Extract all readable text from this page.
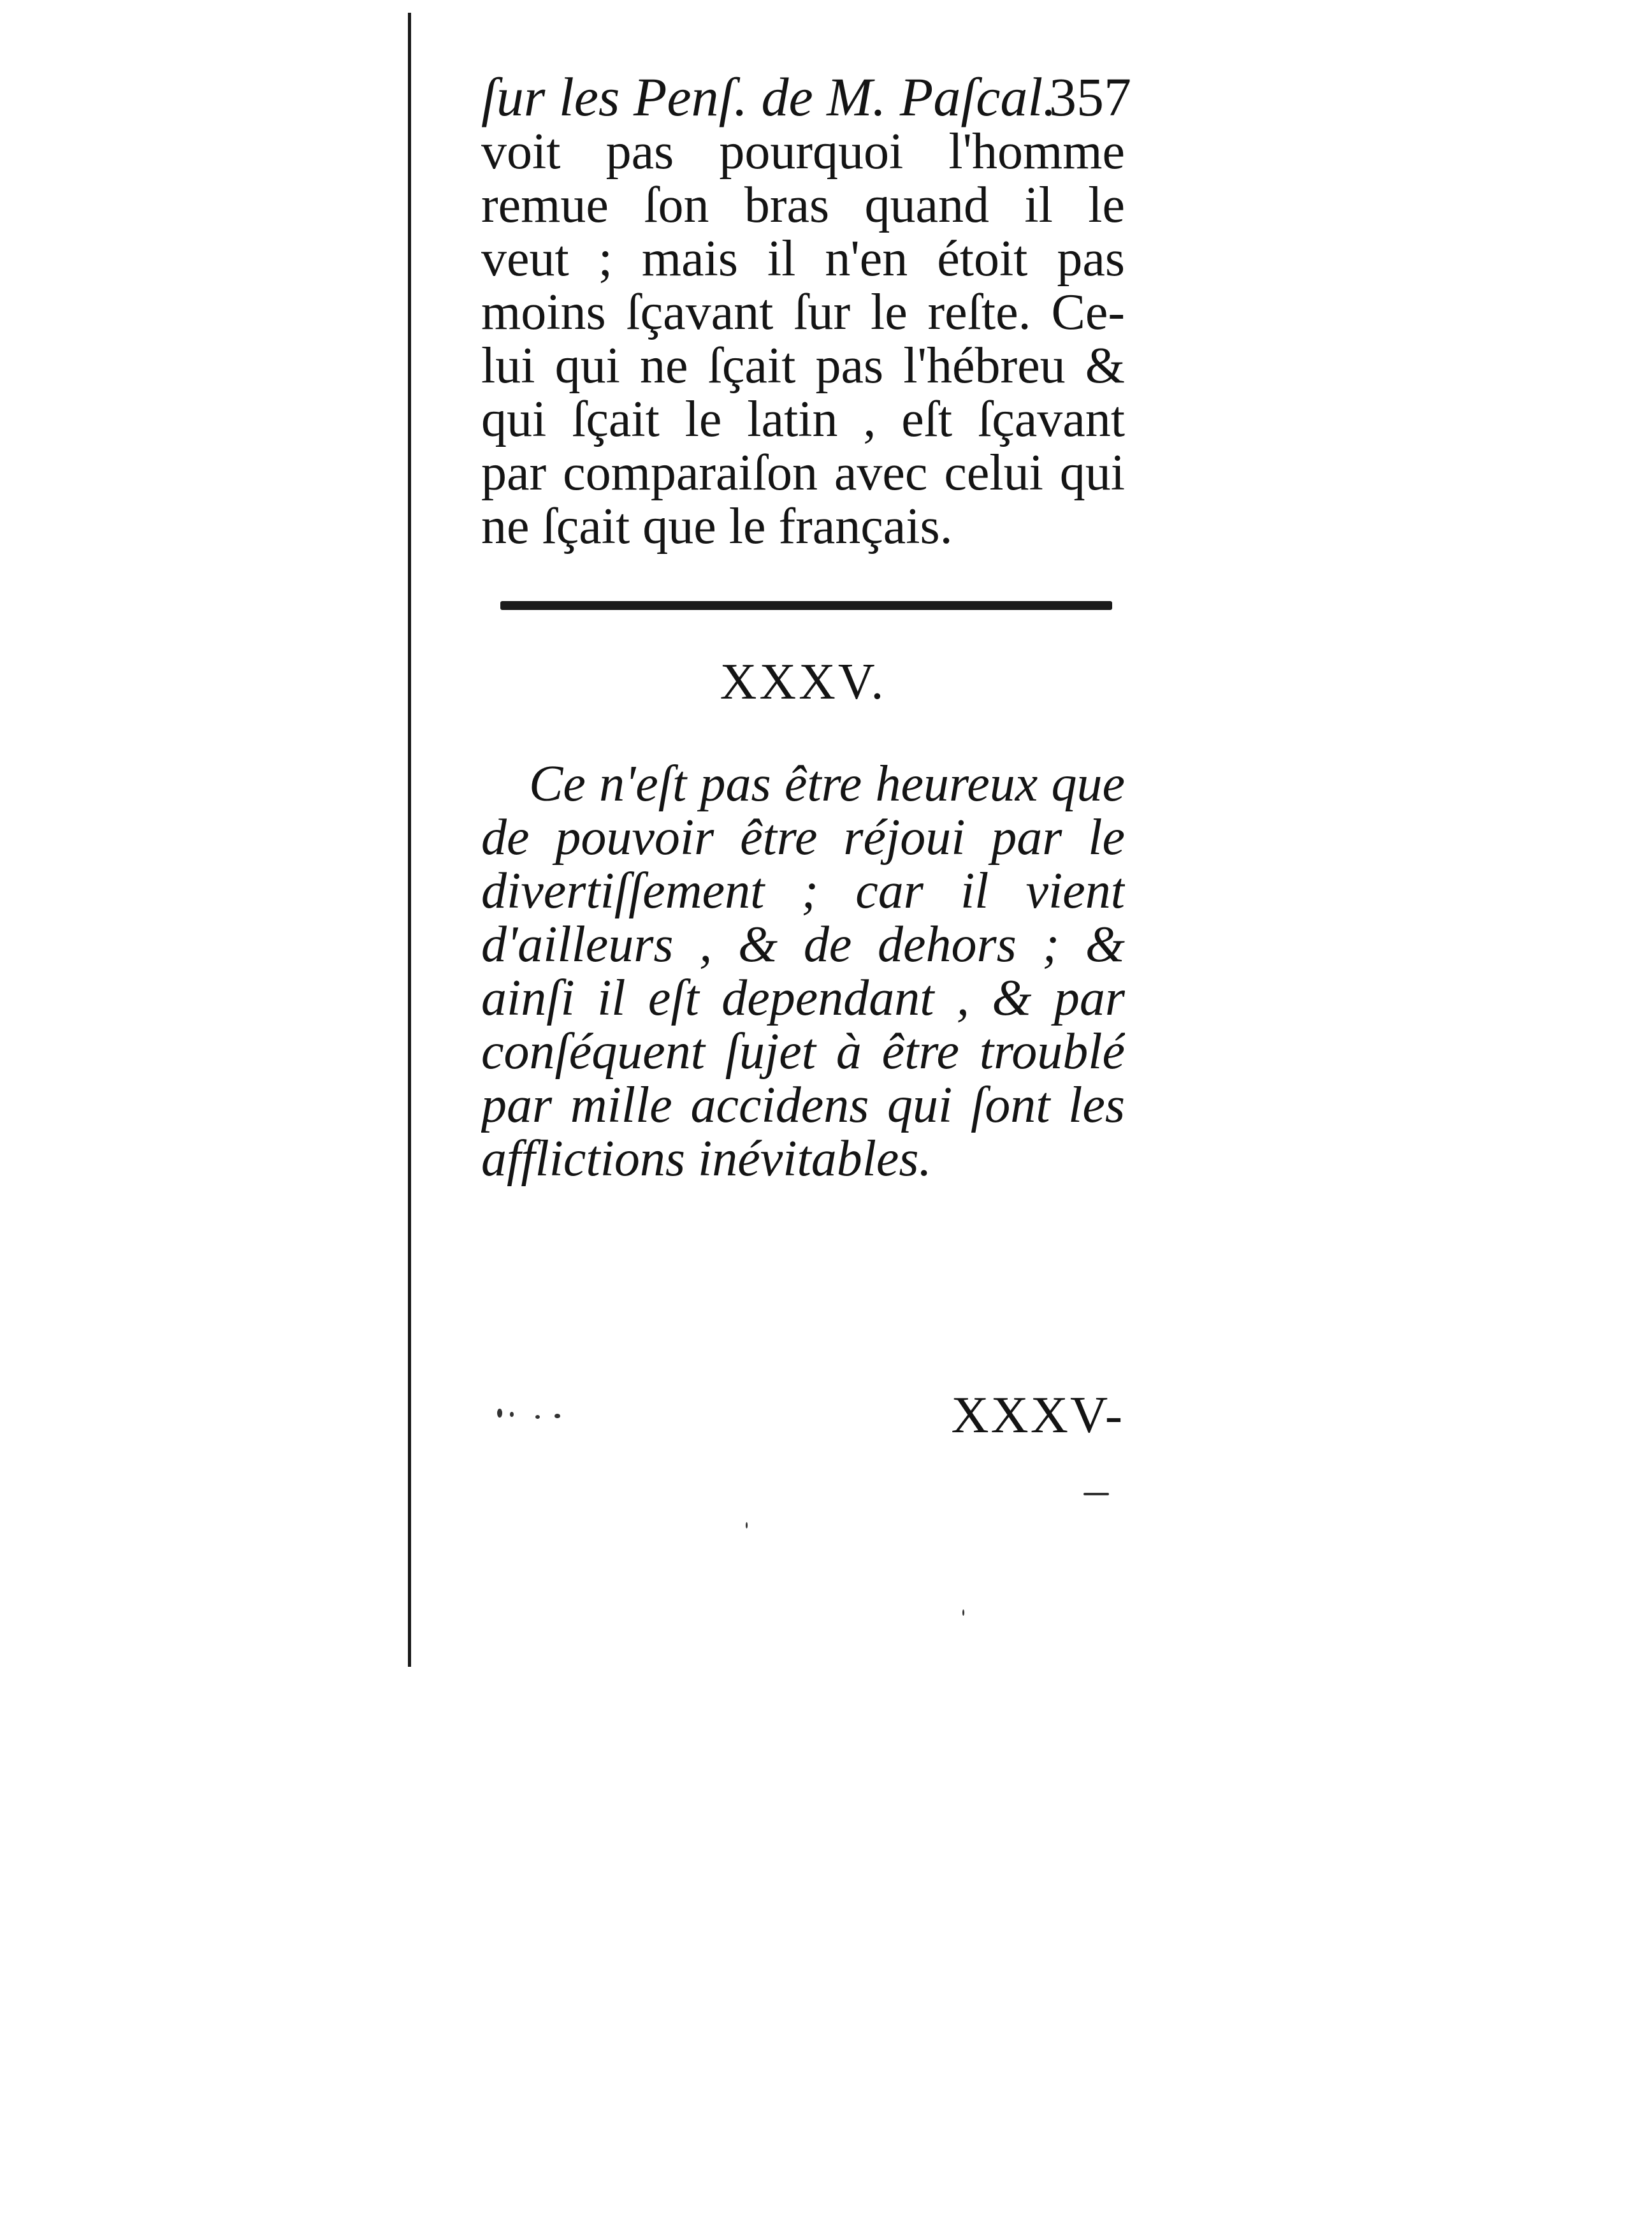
ſur les Penſ. de M. Paſcal.
357
voit pas pourquoi l'homme
remue ſon bras quand il le
veut ; mais il n'en étoit pas
moins ſçavant ſur le reſte. Ce-
lui qui ne ſçait pas l'hébreu &
qui ſçait le latin , eſt ſçavant
par comparaiſon avec celui qui
ne ſçait que le français.
XXXV.
Ce n'eſt pas être heureux que
de pouvoir être réjoui par le
divertiſſement ; car il vient
d'ailleurs , & de dehors ; &
ainſi il eſt dependant , & par
conſéquent ſujet à être troublé
par mille accidens qui ſont les
afflictions inévitables.
XXXV-
